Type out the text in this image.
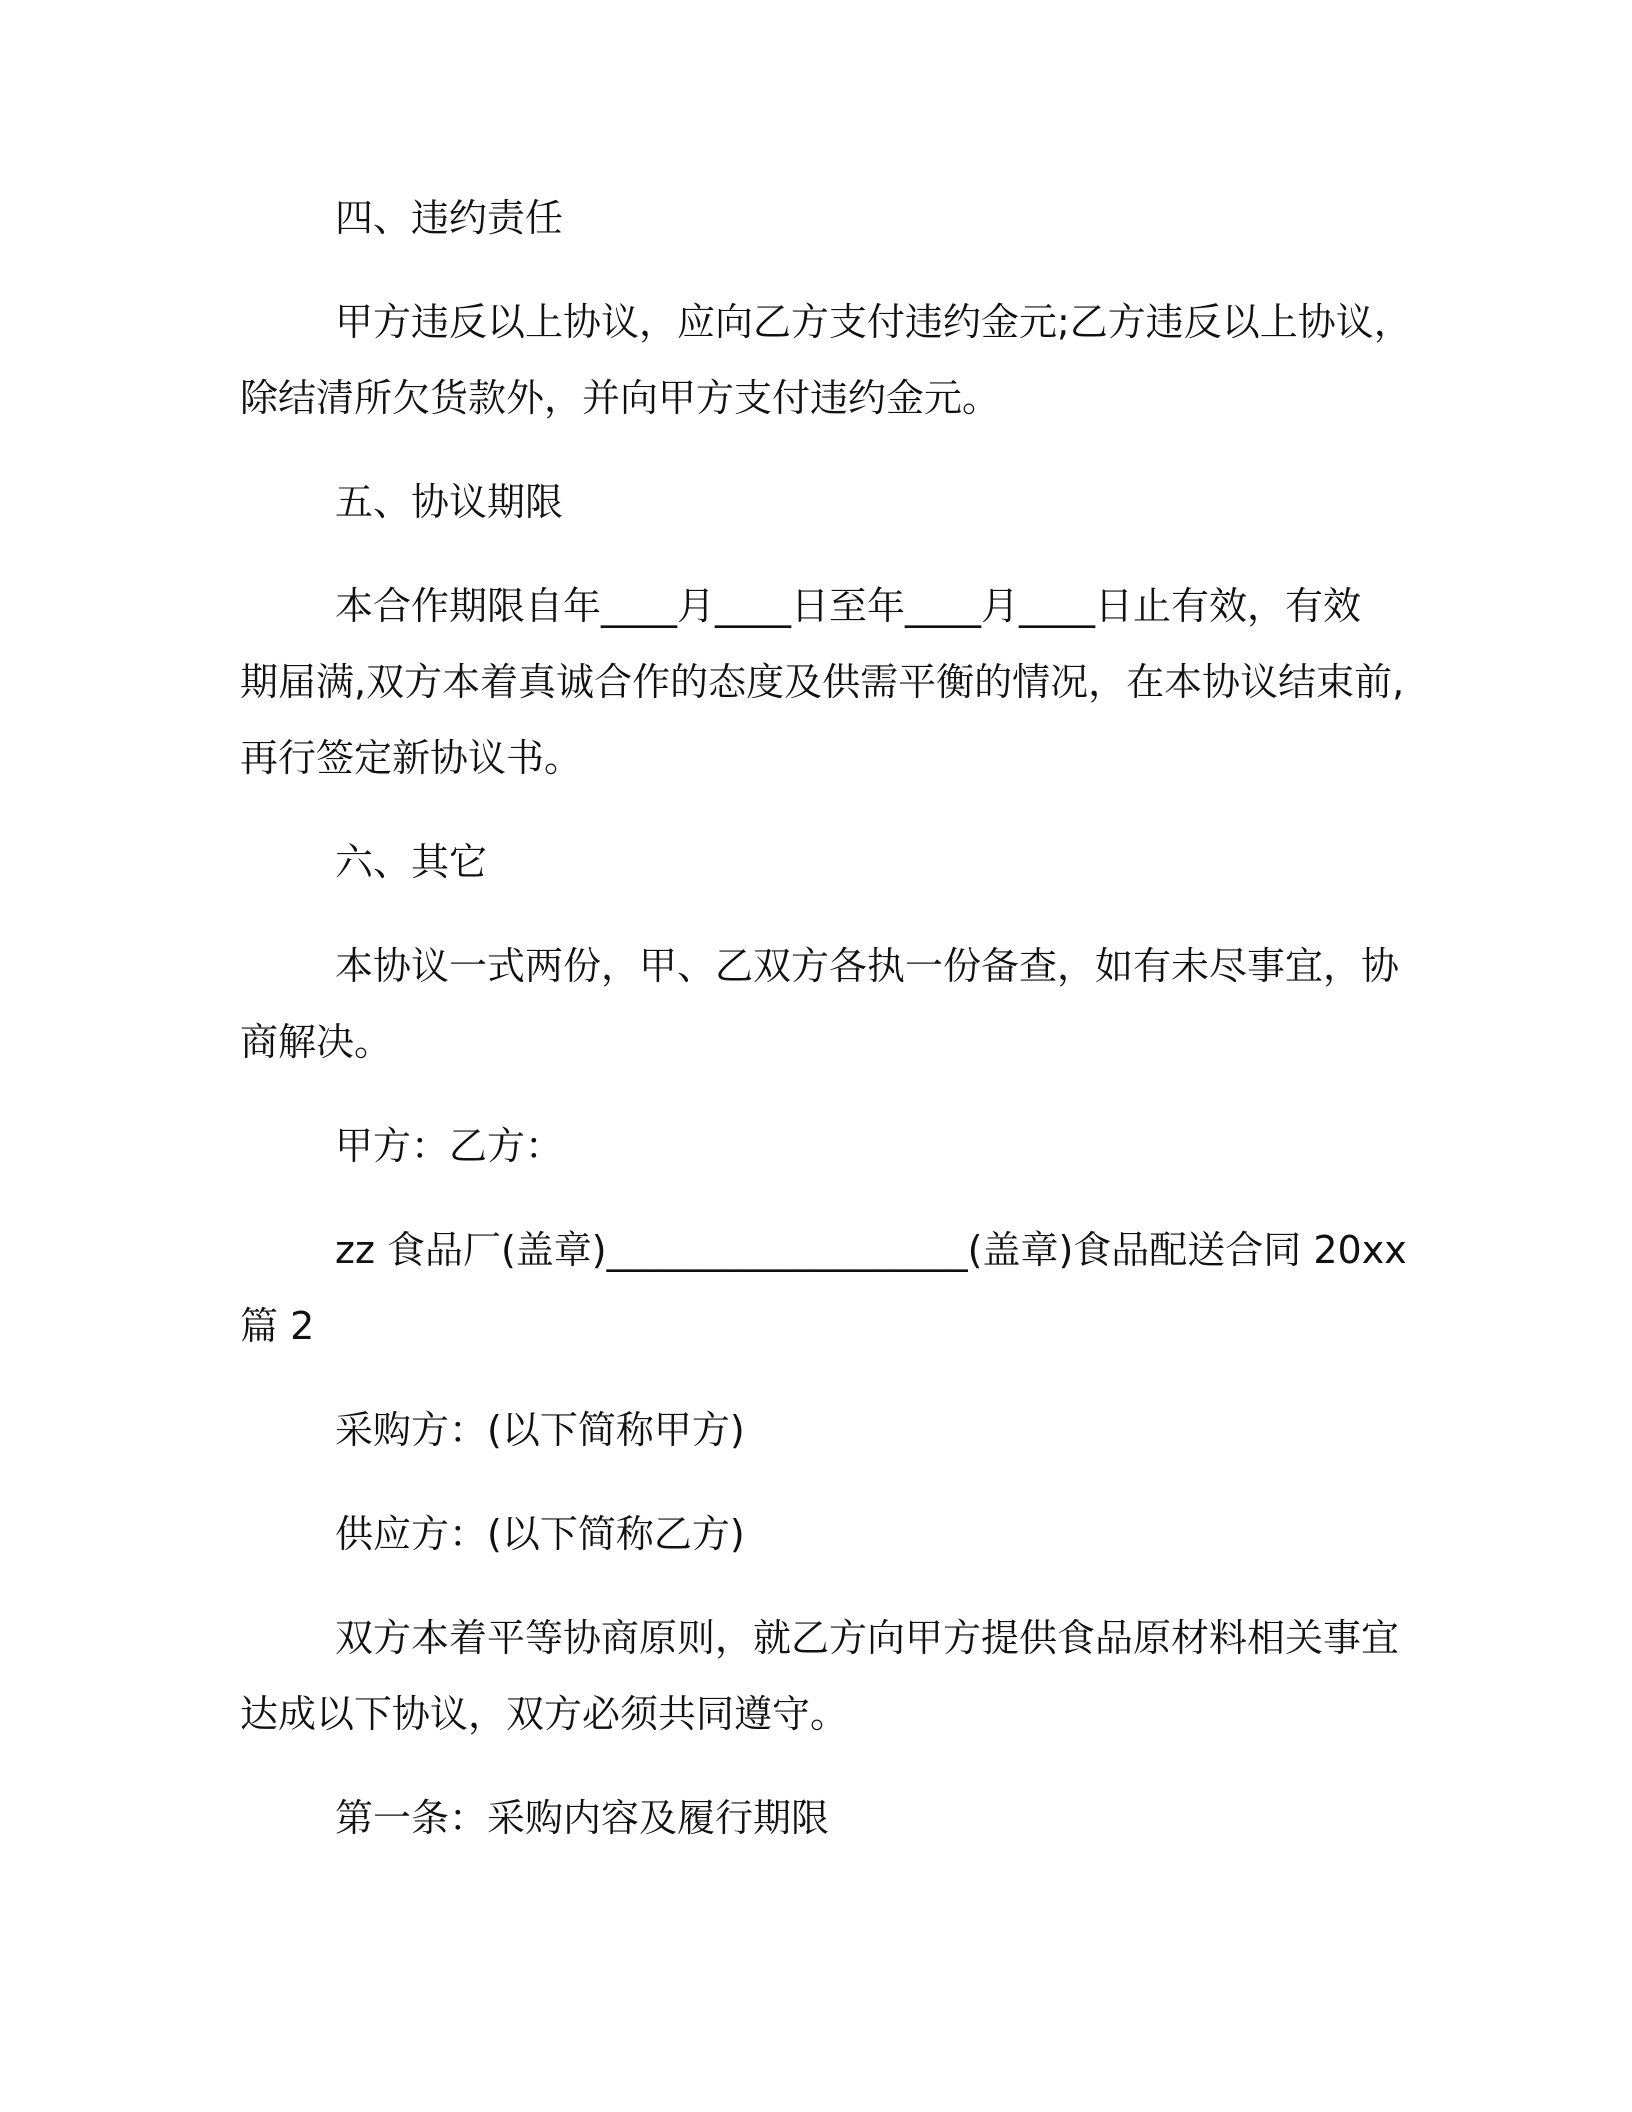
四、违约责任
甲方违反以上协议，应向乙方支付违约金元;乙方违反以上协议，
除结清所欠货款外，并向甲方支付违约金元。
五、协议期限
本合作期限自年____月____日至年____月____日止有效，有效
期届满,双方本着真诚合作的态度及供需平衡的情况，在本协议结束前,
再行签定新协议书。
六、其它
本协议一式两份，甲、乙双方各执一份备查，如有未尽事宜，协
商解决。
甲方：乙方：
zz 食品厂(盖章)___________________(盖章)食品配送合同 20xx
篇 2
采购方：(以下简称甲方)
供应方：(以下简称乙方)
双方本着平等协商原则，就乙方向甲方提供食品原材料相关事宜
达成以下协议，双方必须共同遵守。
第一条：采购内容及履行期限
